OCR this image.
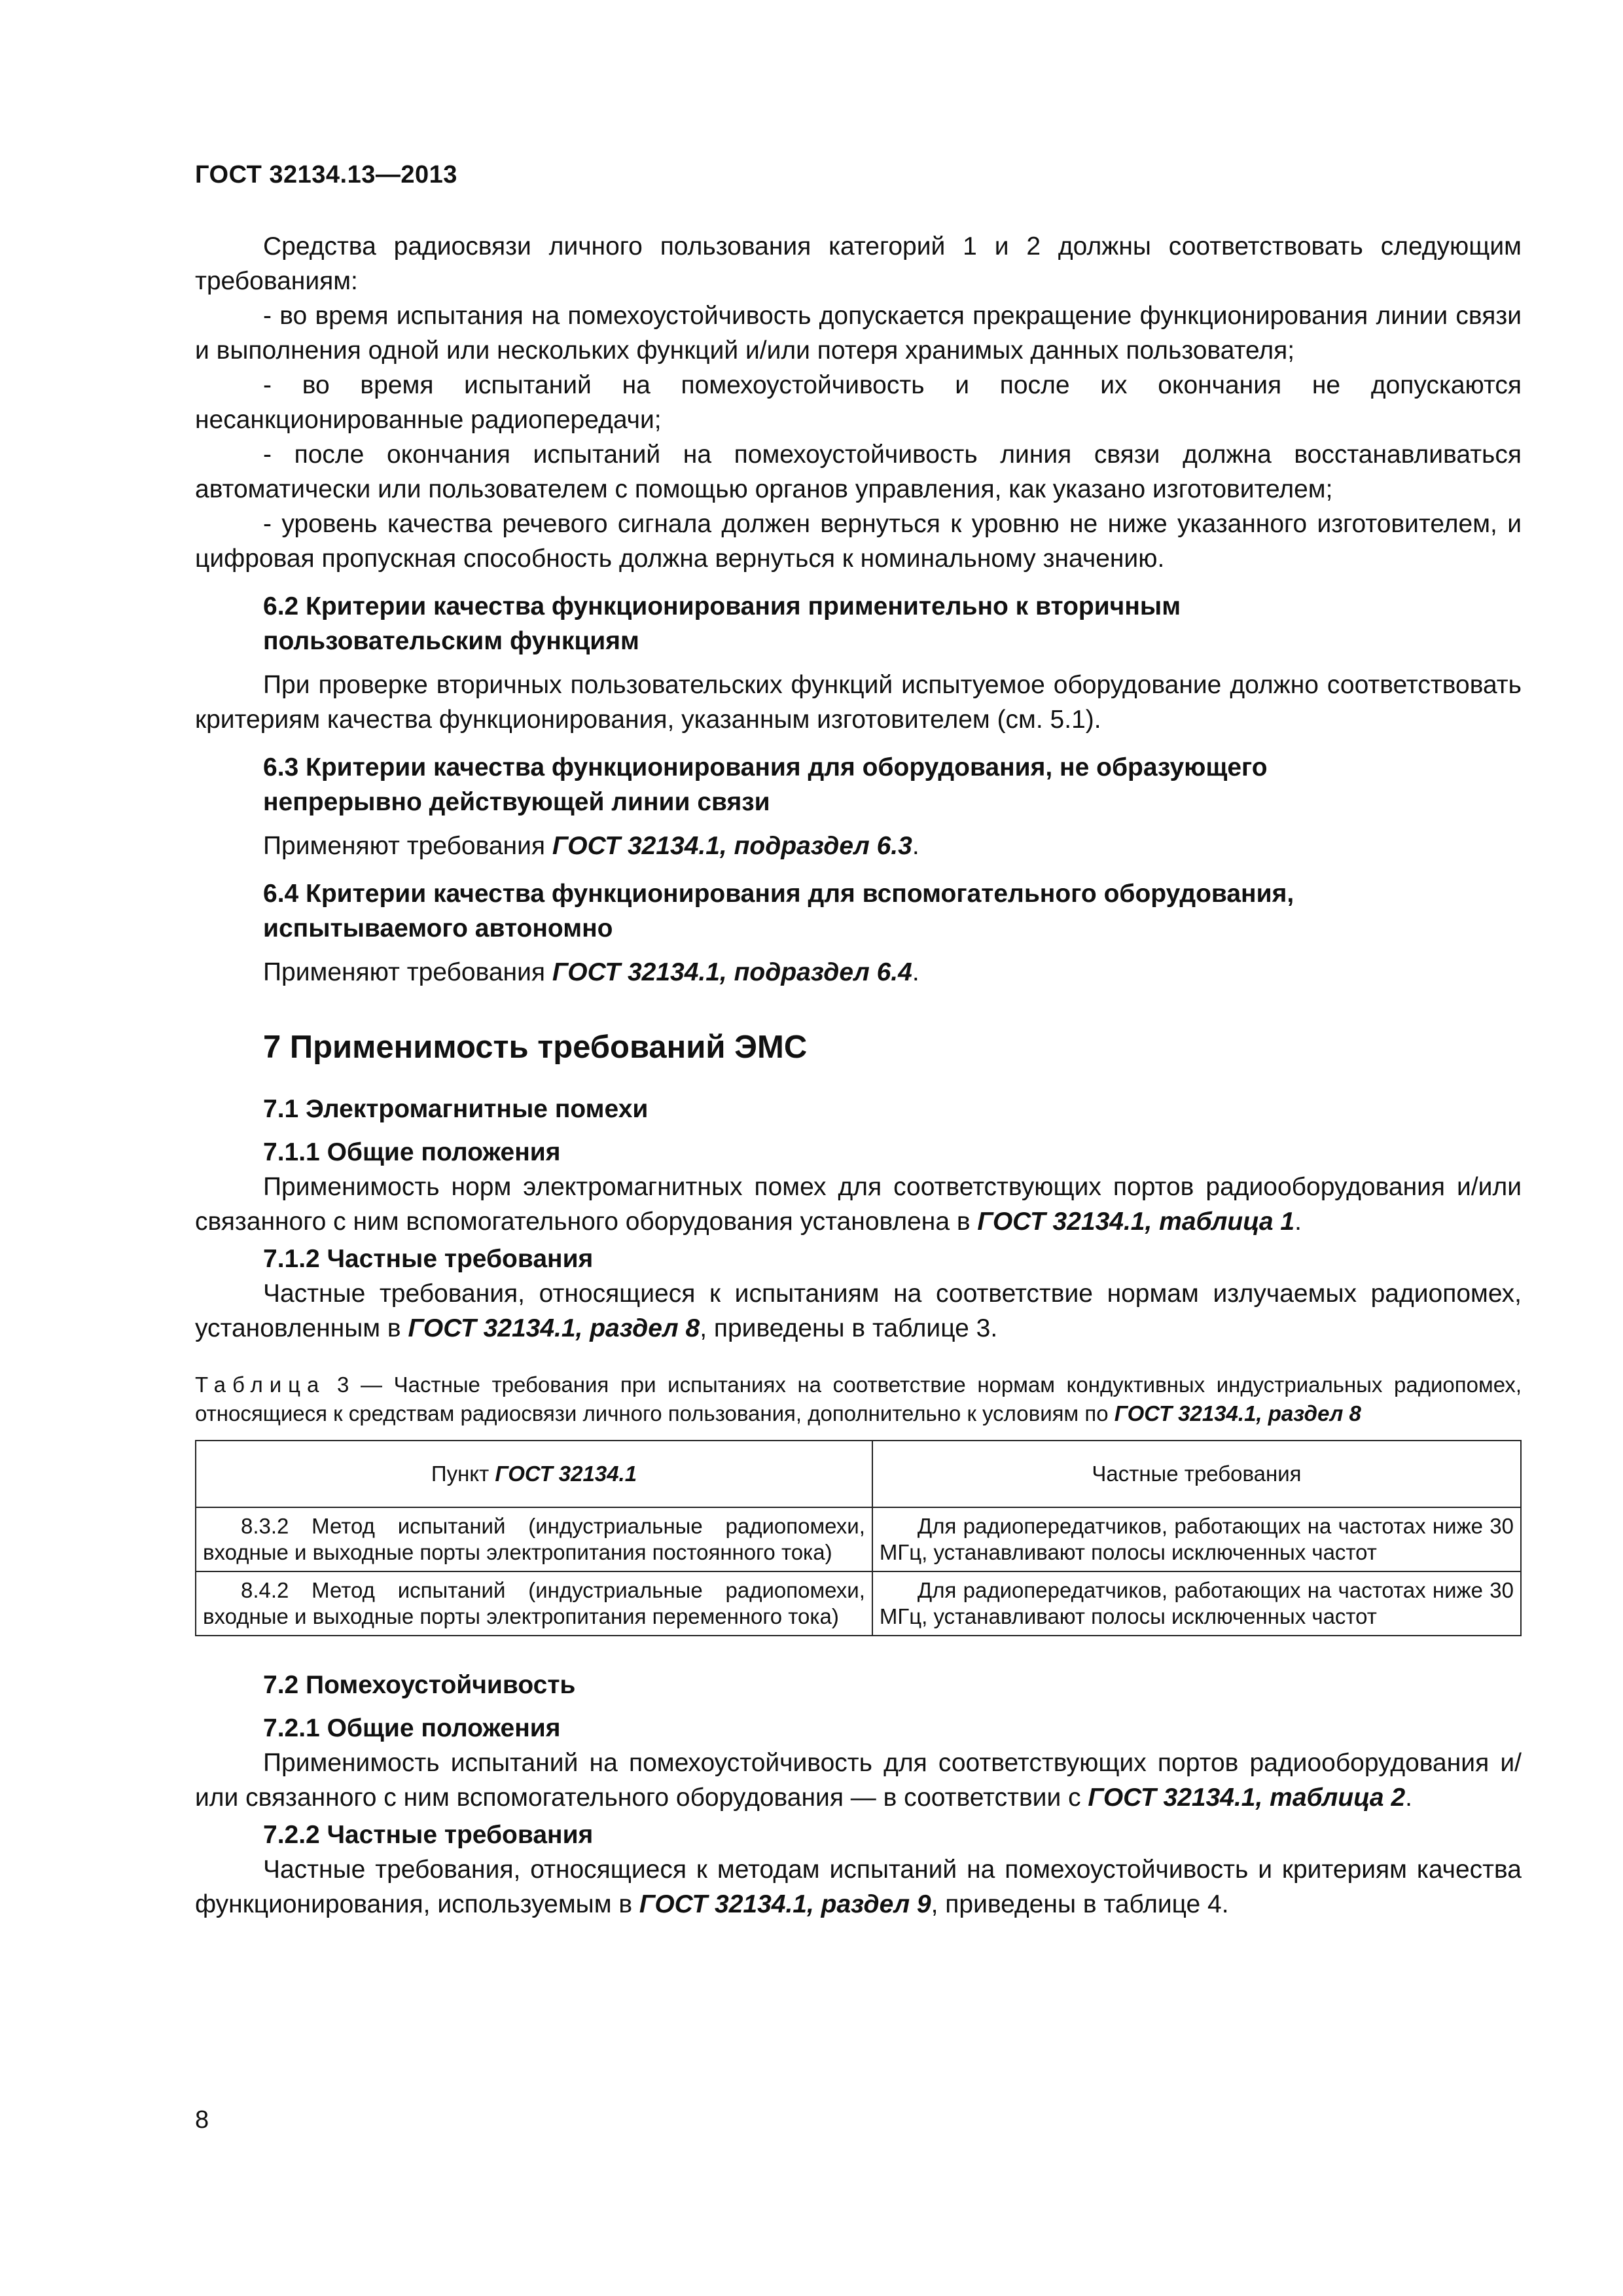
ГОСТ 32134.13—2013

Средства радиосвязи личного пользования категорий 1 и 2 должны соответствовать следующим требованиям:

- во время испытания на помехоустойчивость допускается прекращение функционирования линии связи и выполнения одной или нескольких функций и/или потеря хранимых данных пользователя;

- во время испытаний на помехоустойчивость и после их окончания не допускаются несанкционированные радиопередачи;

- после окончания испытаний на помехоустойчивость линия связи должна восстанавливаться автоматически или пользователем с помощью органов управления, как указано изготовителем;

- уровень качества речевого сигнала должен вернуться к уровню не ниже указанного изготовителем, и цифровая пропускная способность должна вернуться к номинальному значению.

6.2 Критерии качества функционирования применительно к вторичным
пользовательским функциям

При проверке вторичных пользовательских функций испытуемое оборудование должно соответствовать критериям качества функционирования, указанным изготовителем (см. 5.1).

6.3 Критерии качества функционирования для оборудования, не образующего
непрерывно действующей линии связи

Применяют требования ГОСТ 32134.1, подраздел 6.3.

6.4 Критерии качества функционирования для вспомогательного оборудования,
испытываемого автономно

Применяют требования ГОСТ 32134.1, подраздел 6.4.

7 Применимость требований ЭМС
7.1 Электромагнитные помехи
7.1.1 Общие положения

Применимость норм электромагнитных помех для соответствующих портов радиооборудования и/или связанного с ним вспомогательного оборудования установлена в ГОСТ 32134.1, таблица 1.

7.1.2 Частные требования

Частные требования, относящиеся к испытаниям на соответствие нормам излучаемых радиопомех, установленным в ГОСТ 32134.1, раздел 8, приведены в таблице 3.

Таблица 3 — Частные требования при испытаниях на соответствие нормам кондуктивных индустриальных радиопомех, относящиеся к средствам радиосвязи личного пользования, дополнительно к условиям по ГОСТ 32134.1, раздел 8
Пункт ГОСТ 32134.1	Частные требования

8.3.2 Метод испытаний (индустриальные радиопомехи, входные и выходные порты электропитания постоянного тока)	Для радиопередатчиков, работающих на частотах ниже 30 МГц, устанавливают полосы исключенных частот

8.4.2 Метод испытаний (индустриальные радиопомехи, входные и выходные порты электропитания переменного тока)	Для радиопередатчиков, работающих на частотах ниже 30 МГц, устанавливают полосы исключенных частот
7.2 Помехоустойчивость
7.2.1 Общие положения

Применимость испытаний на помехоустойчивость для соответствующих портов радиооборудования и/или связанного с ним вспомогательного оборудования — в соответствии с ГОСТ 32134.1, таблица 2.

7.2.2 Частные требования

Частные требования, относящиеся к методам испытаний на помехоустойчивость и критериям качества функционирования, используемым в ГОСТ 32134.1, раздел 9, приведены в таблице 4.

8
